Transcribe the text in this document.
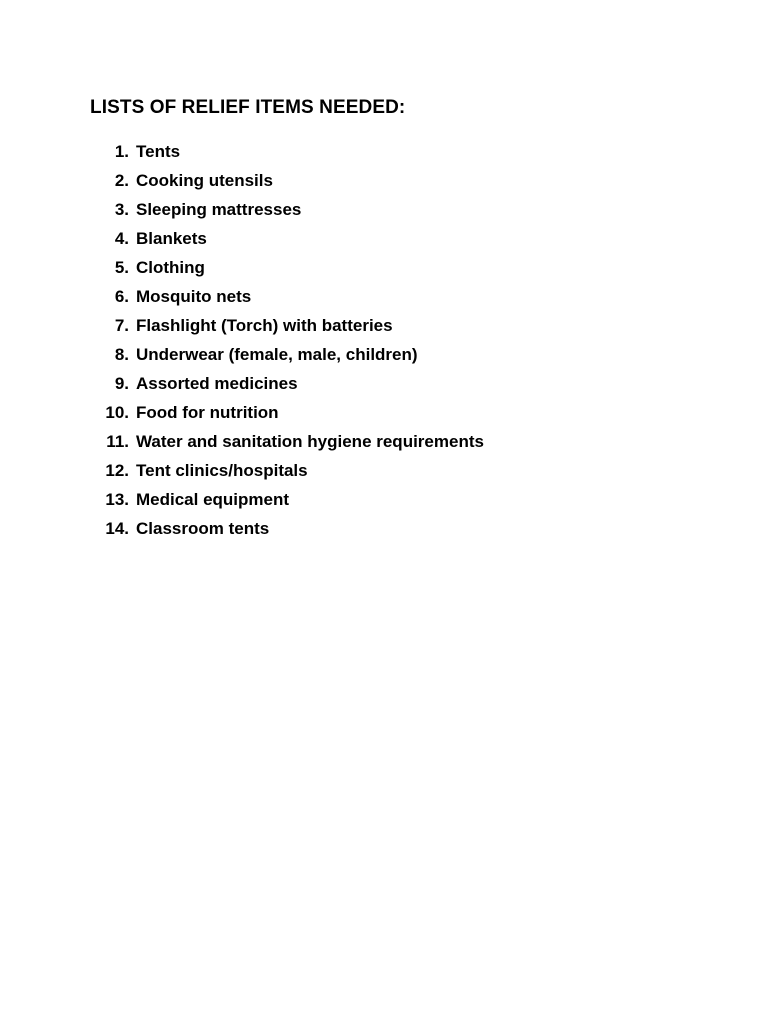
LISTS OF RELIEF ITEMS NEEDED:
1. Tents
2. Cooking utensils
3. Sleeping mattresses
4. Blankets
5. Clothing
6. Mosquito nets
7. Flashlight (Torch) with batteries
8. Underwear (female, male, children)
9. Assorted medicines
10. Food for nutrition
11. Water and sanitation hygiene requirements
12. Tent clinics/hospitals
13. Medical equipment
14. Classroom tents
